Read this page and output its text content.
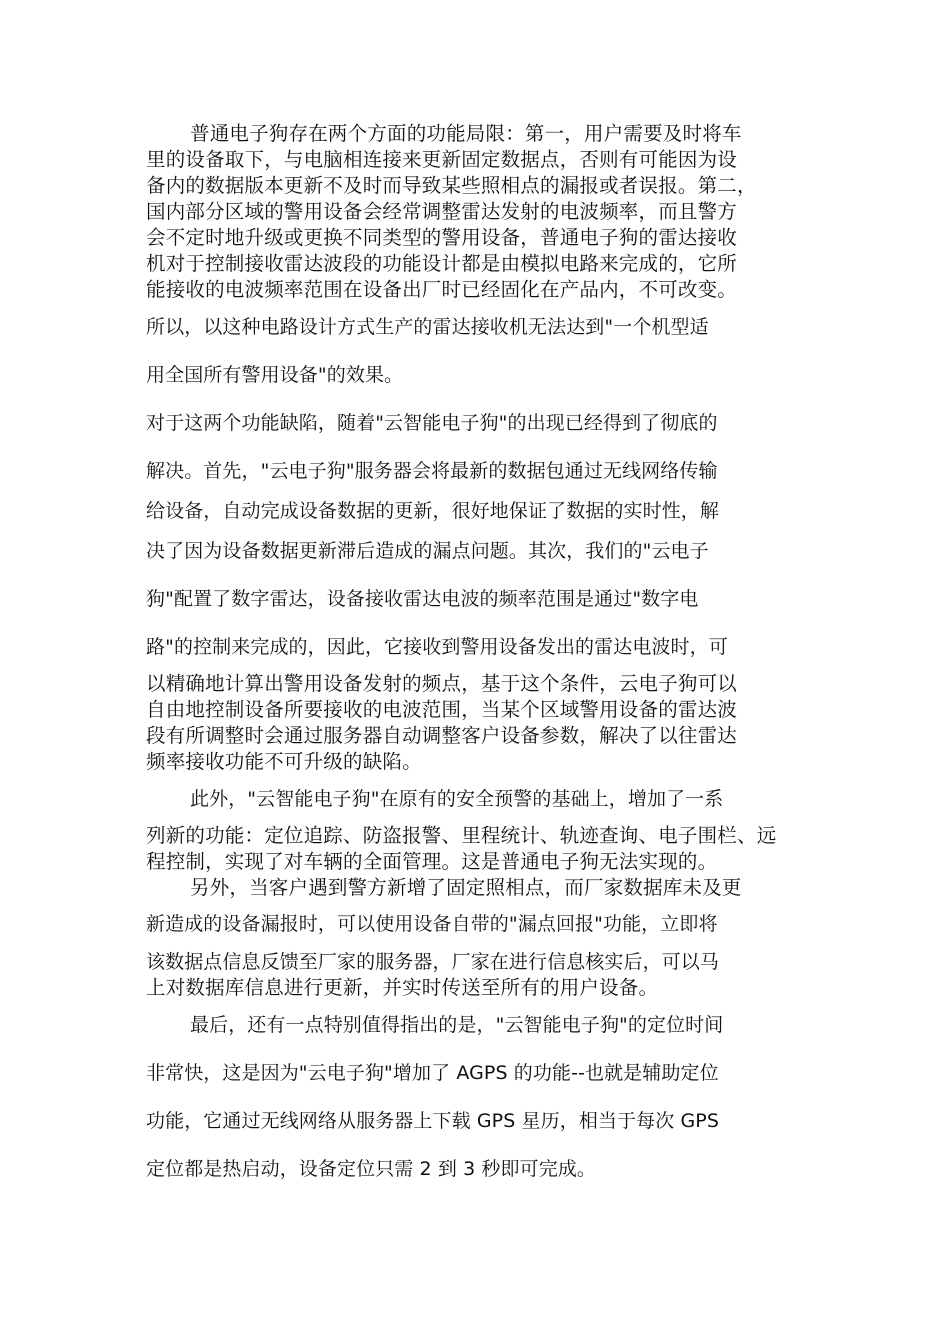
普通电子狗存在两个方面的功能局限：第一，用户需要及时将车
里的设备取下，与电脑相连接来更新固定数据点，否则有可能因为设
备内的数据版本更新不及时而导致某些照相点的漏报或者误报。第二，
国内部分区域的警用设备会经常调整雷达发射的电波频率，而且警方
会不定时地升级或更换不同类型的警用设备，普通电子狗的雷达接收
机对于控制接收雷达波段的功能设计都是由模拟电路来完成的，它所
能接收的电波频率范围在设备出厂时已经固化在产品内，不可改变。
所以，以这种电路设计方式生产的雷达接收机无法达到"一个机型适
用全国所有警用设备"的效果。
对于这两个功能缺陷，随着"云智能电子狗"的出现已经得到了彻底的
解决。首先，"云电子狗"服务器会将最新的数据包通过无线网络传输
给设备，自动完成设备数据的更新，很好地保证了数据的实时性，解
决了因为设备数据更新滞后造成的漏点问题。其次，我们的"云电子
狗"配置了数字雷达，设备接收雷达电波的频率范围是通过"数字电
路"的控制来完成的，因此，它接收到警用设备发出的雷达电波时，可
以精确地计算出警用设备发射的频点，基于这个条件，云电子狗可以
自由地控制设备所要接收的电波范围，当某个区域警用设备的雷达波
段有所调整时会通过服务器自动调整客户设备参数，解决了以往雷达
频率接收功能不可升级的缺陷。
此外，"云智能电子狗"在原有的安全预警的基础上，增加了一系
列新的功能：定位追踪、防盗报警、里程统计、轨迹查询、电子围栏、远
程控制，实现了对车辆的全面管理。这是普通电子狗无法实现的。
另外，当客户遇到警方新增了固定照相点，而厂家数据库未及更
新造成的设备漏报时，可以使用设备自带的"漏点回报"功能，立即将
该数据点信息反馈至厂家的服务器，厂家在进行信息核实后，可以马
上对数据库信息进行更新，并实时传送至所有的用户设备。
最后，还有一点特别值得指出的是，"云智能电子狗"的定位时间
非常快，这是因为"云电子狗"增加了 AGPS 的功能--也就是辅助定位
功能，它通过无线网络从服务器上下载 GPS 星历，相当于每次 GPS
定位都是热启动，设备定位只需 2 到 3 秒即可完成。
